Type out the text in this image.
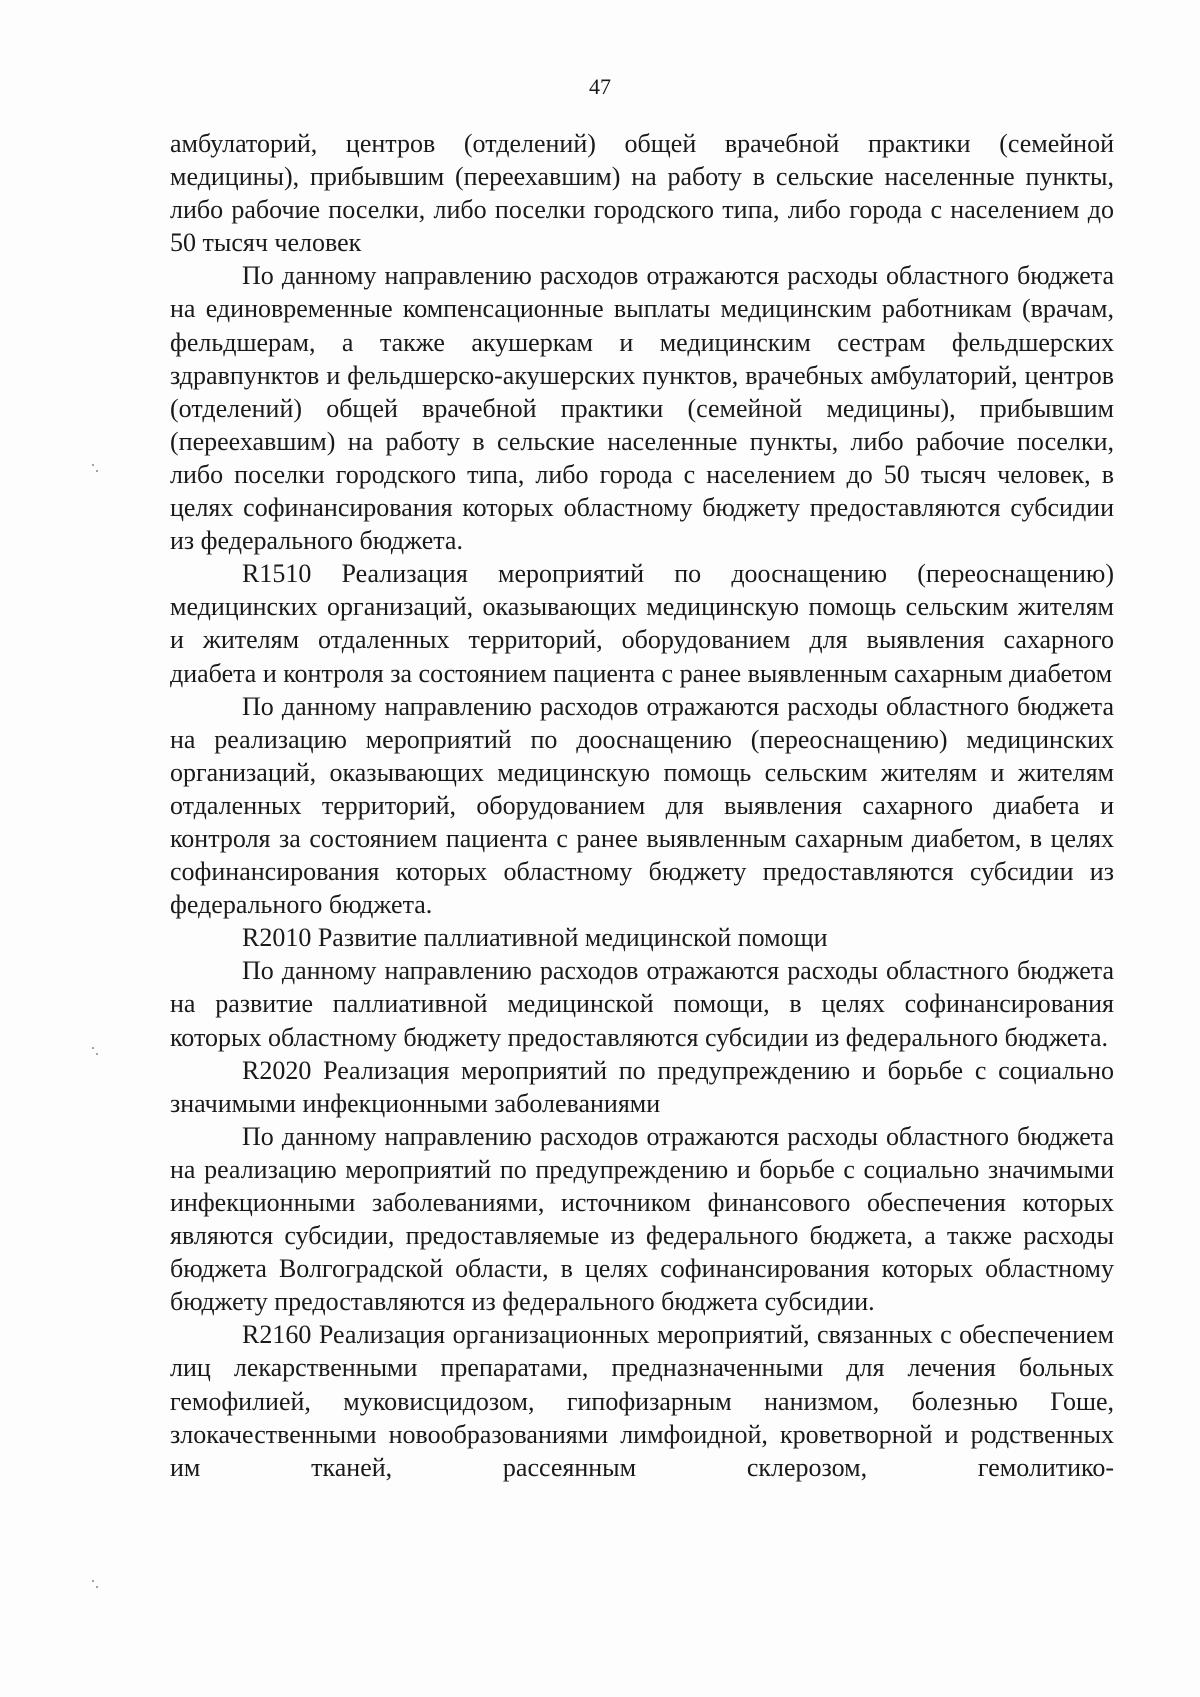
47

амбулаторий, центров (отделений) общей врачебной практики (семейной медицины), прибывшим (переехавшим) на работу в сельские населенные пункты, либо рабочие поселки, либо поселки городского типа, либо города с населением до 50 тысяч человек

По данному направлению расходов отражаются расходы областного бюджета на единовременные компенсационные выплаты медицинским работникам (врачам, фельдшерам, а также акушеркам и медицинским сестрам фельдшерских здравпунктов и фельдшерско-акушерских пунктов, врачебных амбулаторий, центров (отделений) общей врачебной практики (семейной медицины), прибывшим (переехавшим) на работу в сельские населенные пункты, либо рабочие поселки, либо поселки городского типа, либо города с населением до 50 тысяч человек, в целях софинансирования которых областному бюджету предоставляются субсидии из федерального бюджета.

R1510 Реализация мероприятий по дооснащению (переоснащению) медицинских организаций, оказывающих медицинскую помощь сельским жителям и жителям отдаленных территорий, оборудованием для выявления сахарного диабета и контроля за состоянием пациента с ранее выявленным сахарным диабетом

По данному направлению расходов отражаются расходы областного бюджета на реализацию мероприятий по дооснащению (переоснащению) медицинских организаций, оказывающих медицинскую помощь сельским жителям и жителям отдаленных территорий, оборудованием для выявления сахарного диабета и контроля за состоянием пациента с ранее выявленным сахарным диабетом, в целях софинансирования которых областному бюджету предоставляются субсидии из федерального бюджета.

R2010 Развитие паллиативной медицинской помощи

По данному направлению расходов отражаются расходы областного бюджета на развитие паллиативной медицинской помощи, в целях софинансирования которых областному бюджету предоставляются субсидии из федерального бюджета.

R2020 Реализация мероприятий по предупреждению и борьбе с социально значимыми инфекционными заболеваниями

По данному направлению расходов отражаются расходы областного бюджета на реализацию мероприятий по предупреждению и борьбе с социально значимыми инфекционными заболеваниями, источником финансового обеспечения которых являются субсидии, предоставляемые из федерального бюджета, а также расходы бюджета Волгоградской области, в целях софинансирования которых областному бюджету предоставляются из федерального бюджета субсидии.

R2160 Реализация организационных мероприятий, связанных с обеспечением лиц лекарственными препаратами, предназначенными для лечения больных гемофилией, муковисцидозом, гипофизарным нанизмом, болезнью Гоше, злокачественными новообразованиями лимфоидной, кроветворной и родственных им тканей, рассеянным склерозом, гемолитико-
